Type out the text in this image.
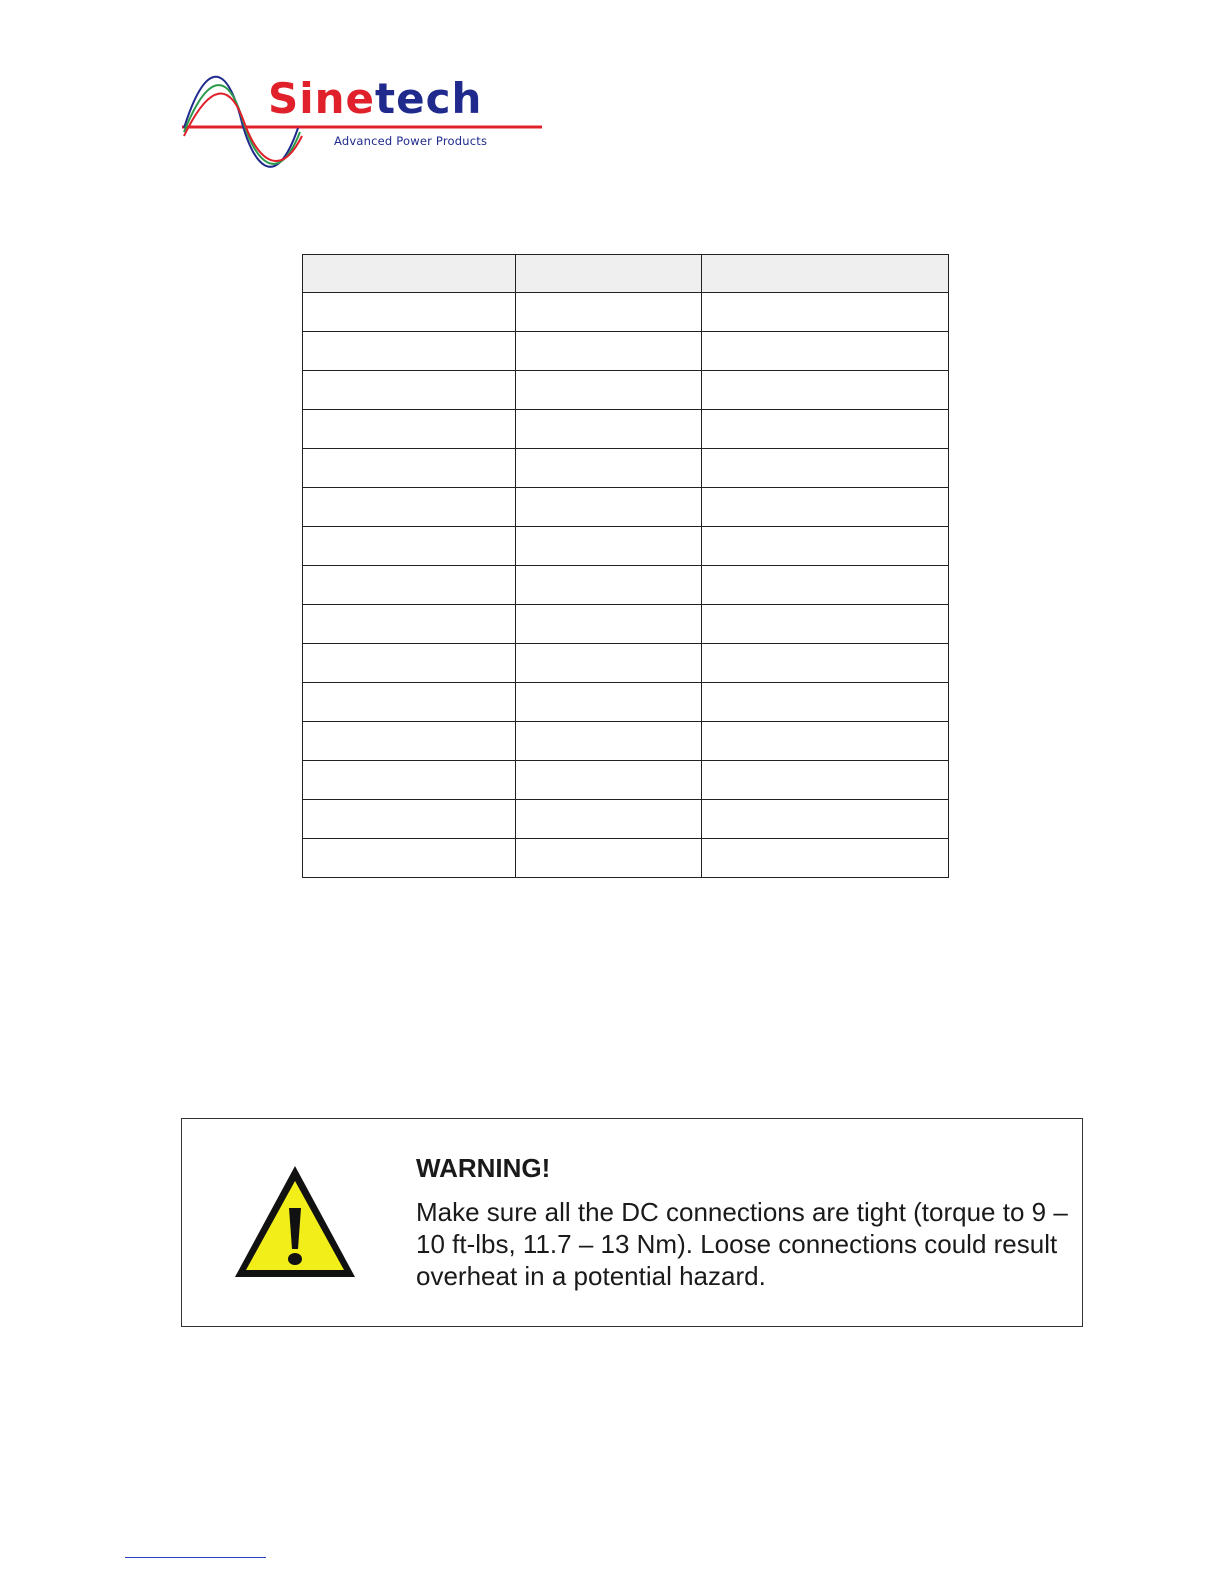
Sinetech
Advanced Power Products

WARNING!
Make sure all the DC connections are tight (torque to 9 – 10 ft-lbs, 11.7 – 13 Nm). Loose connections could result overheat in a potential hazard.
